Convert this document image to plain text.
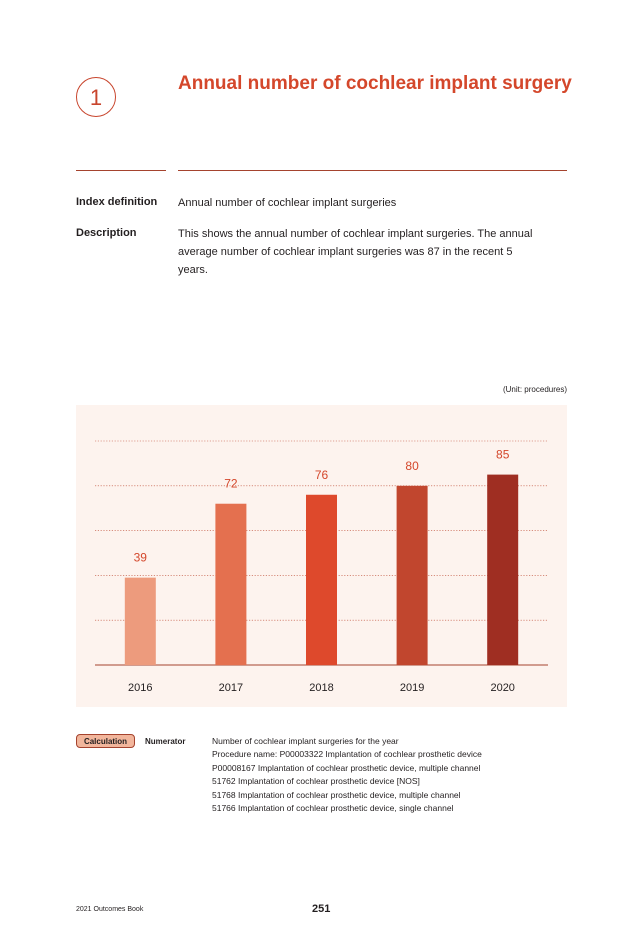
1
Annual number of cochlear implant surgery
Index definition Annual number of cochlear implant surgeries
Description	This shows the annual number of cochlear implant surgeries. The annual
average number of cochlear implant surgeries was 87 in the recent 5
years.
(Unit: procedures)
39
2016
72
2017
76
2018
80
2019
85
2020
Calculation	Numerator	Number of cochlear implant surgeries for the year
Procedure name: P00003322 Implantation of cochlear prosthetic device
P00008167 Implantation of cochlear prosthetic device, multiple channel
51762 Implantation of cochlear prosthetic device [NOS]
51768 Implantation of cochlear prosthetic device, multiple channel
51766 Implantation of cochlear prosthetic device, single channel
2021 Outcomes Book	251
